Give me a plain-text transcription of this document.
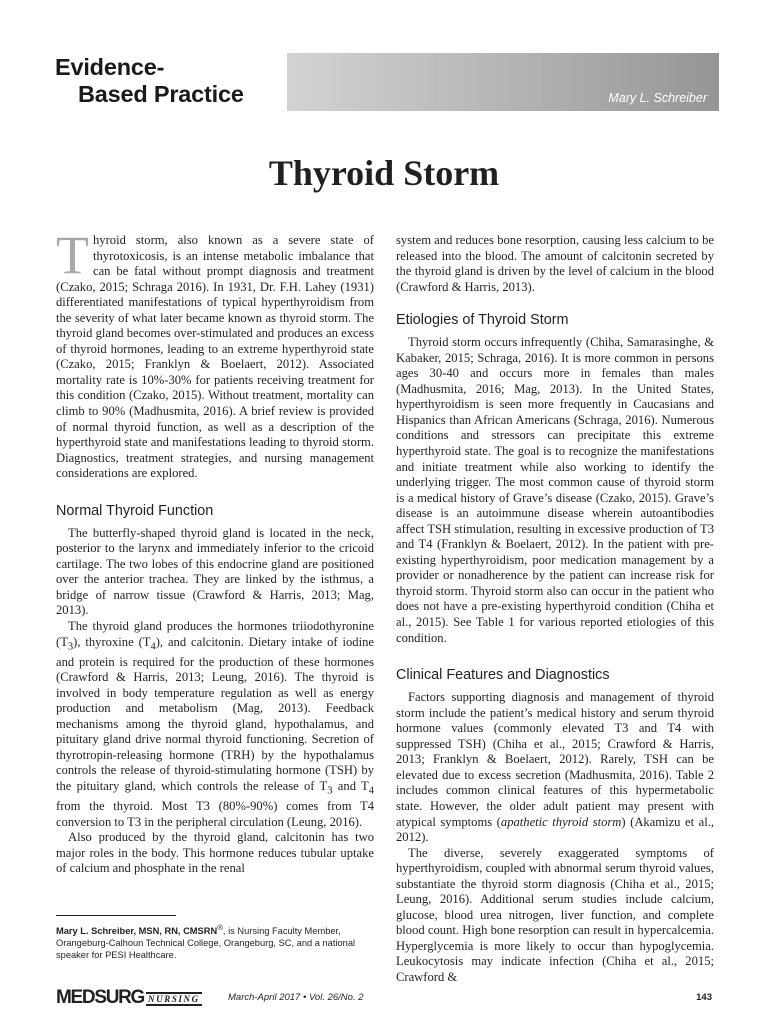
Evidence-
Based Practice	Mary L. Schreiber
Thyroid Storm

Thyroid storm, also known as a severe state of thyrotoxicosis, is an intense metabolic imbalance that can be fatal without prompt diagnosis and treatment (Czako, 2015; Schraga 2016). In 1931, Dr. F.H. Lahey (1931) differentiated manifestations of typical hyperthyroidism from the severity of what later became known as thyroid storm. The thyroid gland becomes over-stimulated and produces an excess of thyroid hormones, leading to an extreme hyperthyroid state (Czako, 2015; Franklyn & Boelaert, 2012). Associated mortality rate is 10%-30% for patients receiving treatment for this condition (Czako, 2015). Without treatment, mortality can climb to 90% (Madhusmita, 2016). A brief review is provided of normal thyroid function, as well as a description of the hyperthyroid state and manifestations leading to thyroid storm. Diagnostics, treatment strategies, and nursing management considerations are explored.

Normal Thyroid Function

The butterfly-shaped thyroid gland is located in the neck, posterior to the larynx and immediately inferior to the cricoid cartilage. The two lobes of this endocrine gland are positioned over the anterior trachea. They are linked by the isthmus, a bridge of narrow tissue (Crawford & Harris, 2013; Mag, 2013).

The thyroid gland produces the hormones triiodothyronine $(T_3)$, thyroxine $(T_4)$, and calcitonin. Dietary intake of iodine and protein is required for the production of these hormones (Crawford & Harris, 2013; Leung, 2016). The thyroid is involved in body temperature regulation as well as energy production and metabolism (Mag, 2013). Feedback mechanisms among the thyroid gland, hypothalamus, and pituitary gland drive normal thyroid functioning. Secretion of thyrotropin-releasing hormone (TRH) by the hypothalamus controls the release of thyroid-stimulating hormone (TSH) by the pituitary gland, which controls the release of $T_3$ and $T_4$ from the thyroid. Most T3 (80%-90%) comes from T4 conversion to T3 in the peripheral circulation (Leung, 2016).

Also produced by the thyroid gland, calcitonin has two major roles in the body. This hormone reduces tubular uptake of calcium and phosphate in the renal

system and reduces bone resorption, causing less calcium to be released into the blood. The amount of calcitonin secreted by the thyroid gland is driven by the level of calcium in the blood (Crawford & Harris, 2013).

Etiologies of Thyroid Storm

Thyroid storm occurs infrequently (Chiha, Samarasinghe, & Kabaker, 2015; Schraga, 2016). It is more common in persons ages 30-40 and occurs more in females than males (Madhusmita, 2016; Mag, 2013). In the United States, hyperthyroidism is seen more frequently in Caucasians and Hispanics than African Americans (Schraga, 2016). Numerous conditions and stressors can precipitate this extreme hyperthyroid state. The goal is to recognize the manifestations and initiate treatment while also working to identify the underlying trigger. The most common cause of thyroid storm is a medical history of Grave’s disease (Czako, 2015). Grave’s disease is an autoimmune disease wherein autoantibodies affect TSH stimulation, resulting in excessive production of T3 and T4 (Franklyn & Boelaert, 2012). In the patient with pre-existing hyperthyroidism, poor medication management by a provider or nonadherence by the patient can increase risk for thyroid storm. Thyroid storm also can occur in the patient who does not have a pre-existing hyperthyroid condition (Chiha et al., 2015). See Table 1 for various reported etiologies of this condition.

Clinical Features and Diagnostics

Factors supporting diagnosis and management of thyroid storm include the patient’s medical history and serum thyroid hormone values (commonly elevated T3 and T4 with suppressed TSH) (Chiha et al., 2015; Crawford & Harris, 2013; Franklyn & Boelaert, 2012). Rarely, TSH can be elevated due to excess secretion (Madhusmita, 2016). Table 2 includes common clinical features of this hypermetabolic state. However, the older adult patient may present with atypical symptoms (apathetic thyroid storm) (Akamizu et al., 2012).

The diverse, severely exaggerated symptoms of hyperthyroidism, coupled with abnormal serum thyroid values, substantiate the thyroid storm diagnosis (Chiha et al., 2015; Leung, 2016). Additional serum studies include calcium, glucose, blood urea nitrogen, liver function, and complete blood count. High bone resorption can result in hypercalcemia. Hyperglycemia is more likely to occur than hypoglycemia. Leukocytosis may indicate infection (Chiha et al., 2015; Crawford &

Mary L. Schreiber, MSN, RN, CMSRN®, is Nursing Faculty Member, Orangeburg-Calhoun Technical College, Orangeburg, SC, and a national speaker for PESI Healthcare.
MEDSURG NURSING	March-April 2017 • Vol. 26/No. 2	143
